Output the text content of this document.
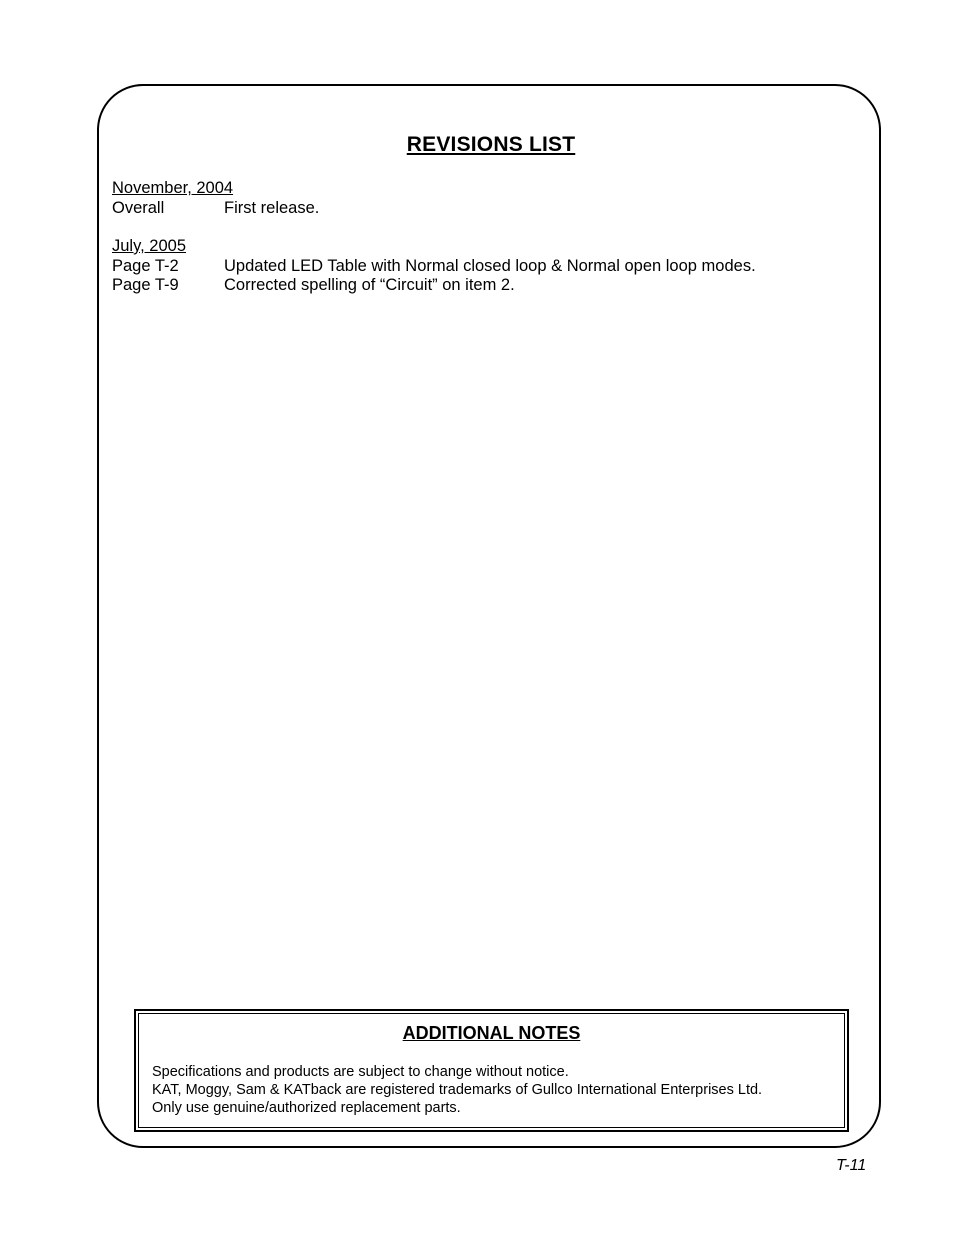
REVISIONS LIST
November, 2004
Overall	First release.
July, 2005
Page T-2	Updated LED Table with Normal closed loop & Normal open loop modes.
Page T-9	Corrected spelling of “Circuit” on item 2.
ADDITIONAL NOTES
Specifications and products are subject to change without notice.
KAT, Moggy, Sam & KATback are registered trademarks of Gullco International Enterprises Ltd.
Only use genuine/authorized replacement parts.
T-11
